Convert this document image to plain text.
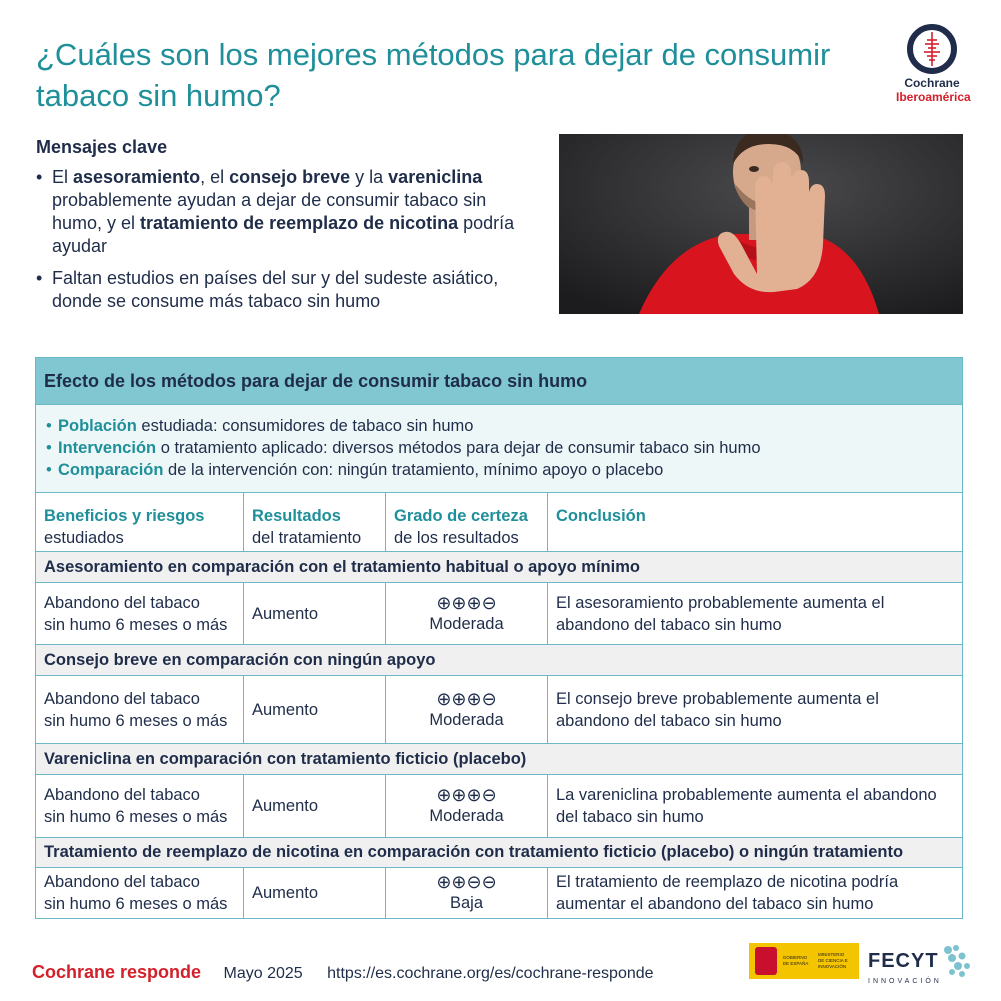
¿Cuáles son los mejores métodos para dejar de consumir tabaco sin humo?	Cochrane
Iberoamérica
Mensajes clave
• El asesoramiento, el consejo breve y la vareniclina probablemente ayudan a dejar de consumir tabaco sin humo, y el tratamiento de reemplazo de nicotina podría ayudar
• Faltan estudios en países del sur y del sudeste asiático, donde se consume más tabaco sin humo
Efecto de los métodos para dejar de consumir tabaco sin humo
• Población estudiada: consumidores de tabaco sin humo
• Intervención o tratamiento aplicado: diversos métodos para dejar de consumir tabaco sin humo
• Comparación de la intervención con: ningún tratamiento, mínimo apoyo o placebo
Beneficios y riesgos
estudiados
Resultados
del tratamiento
Grado de certeza
de los resultados
Conclusión
Asesoramiento en comparación con el tratamiento habitual o apoyo mínimo
Abandono del tabaco
sin humo 6 meses o más
Aumento
⊕⊕⊕⊖
Moderada
El asesoramiento probablemente aumenta el abandono del tabaco sin humo
Consejo breve en comparación con ningún apoyo
Abandono del tabaco
sin humo 6 meses o más
Aumento
⊕⊕⊕⊖
Moderada
El consejo breve probablemente aumenta el abandono del tabaco sin humo
Vareniclina en comparación con tratamiento ficticio (placebo)
Abandono del tabaco
sin humo 6 meses o más
Aumento
⊕⊕⊕⊖
Moderada
La vareniclina probablemente aumenta el abandono del tabaco sin humo
Tratamiento de reemplazo de nicotina en comparación con tratamiento ficticio (placebo) o ningún tratamiento
Abandono del tabaco
sin humo 6 meses o más
Aumento
⊕⊕⊖⊖
Baja
El tratamiento de reemplazo de nicotina podría aumentar el abandono del tabaco sin humo
Cochrane responde Mayo 2025 https://es.cochrane.org/es/cochrane-responde
GOBIERNO DE ESPAÑA
MINISTERIO DE CIENCIA E INNOVACIÓN FECYT
INNOVACIÓN
